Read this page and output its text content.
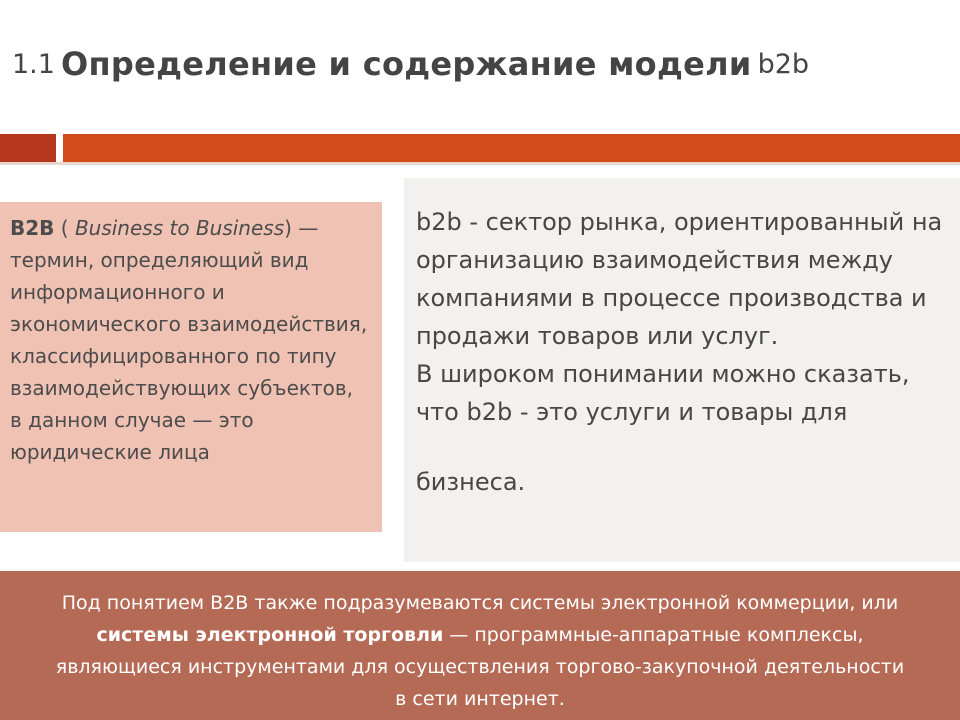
1.1 Определение и содержание модели b2b
B2B ( Business to Business) — термин, определяющий вид информационного и экономического взаимодействия, классифицированного по типу взаимодействующих субъектов, в данном случае — это юридические лица
b2b - сектор рынка, ориентированный на организацию взаимодействия между компаниями в процессе производства и продажи товаров или услуг.
В широком понимании можно сказать, что b2b - это услуги и товары для
бизнеса.
Под понятием B2B также подразумеваются системы электронной коммерции, или
системы электронной торговли — программные-аппаратные комплексы,
являющиеся инструментами для осуществления торгово-закупочной деятельности
в сети интернет.
